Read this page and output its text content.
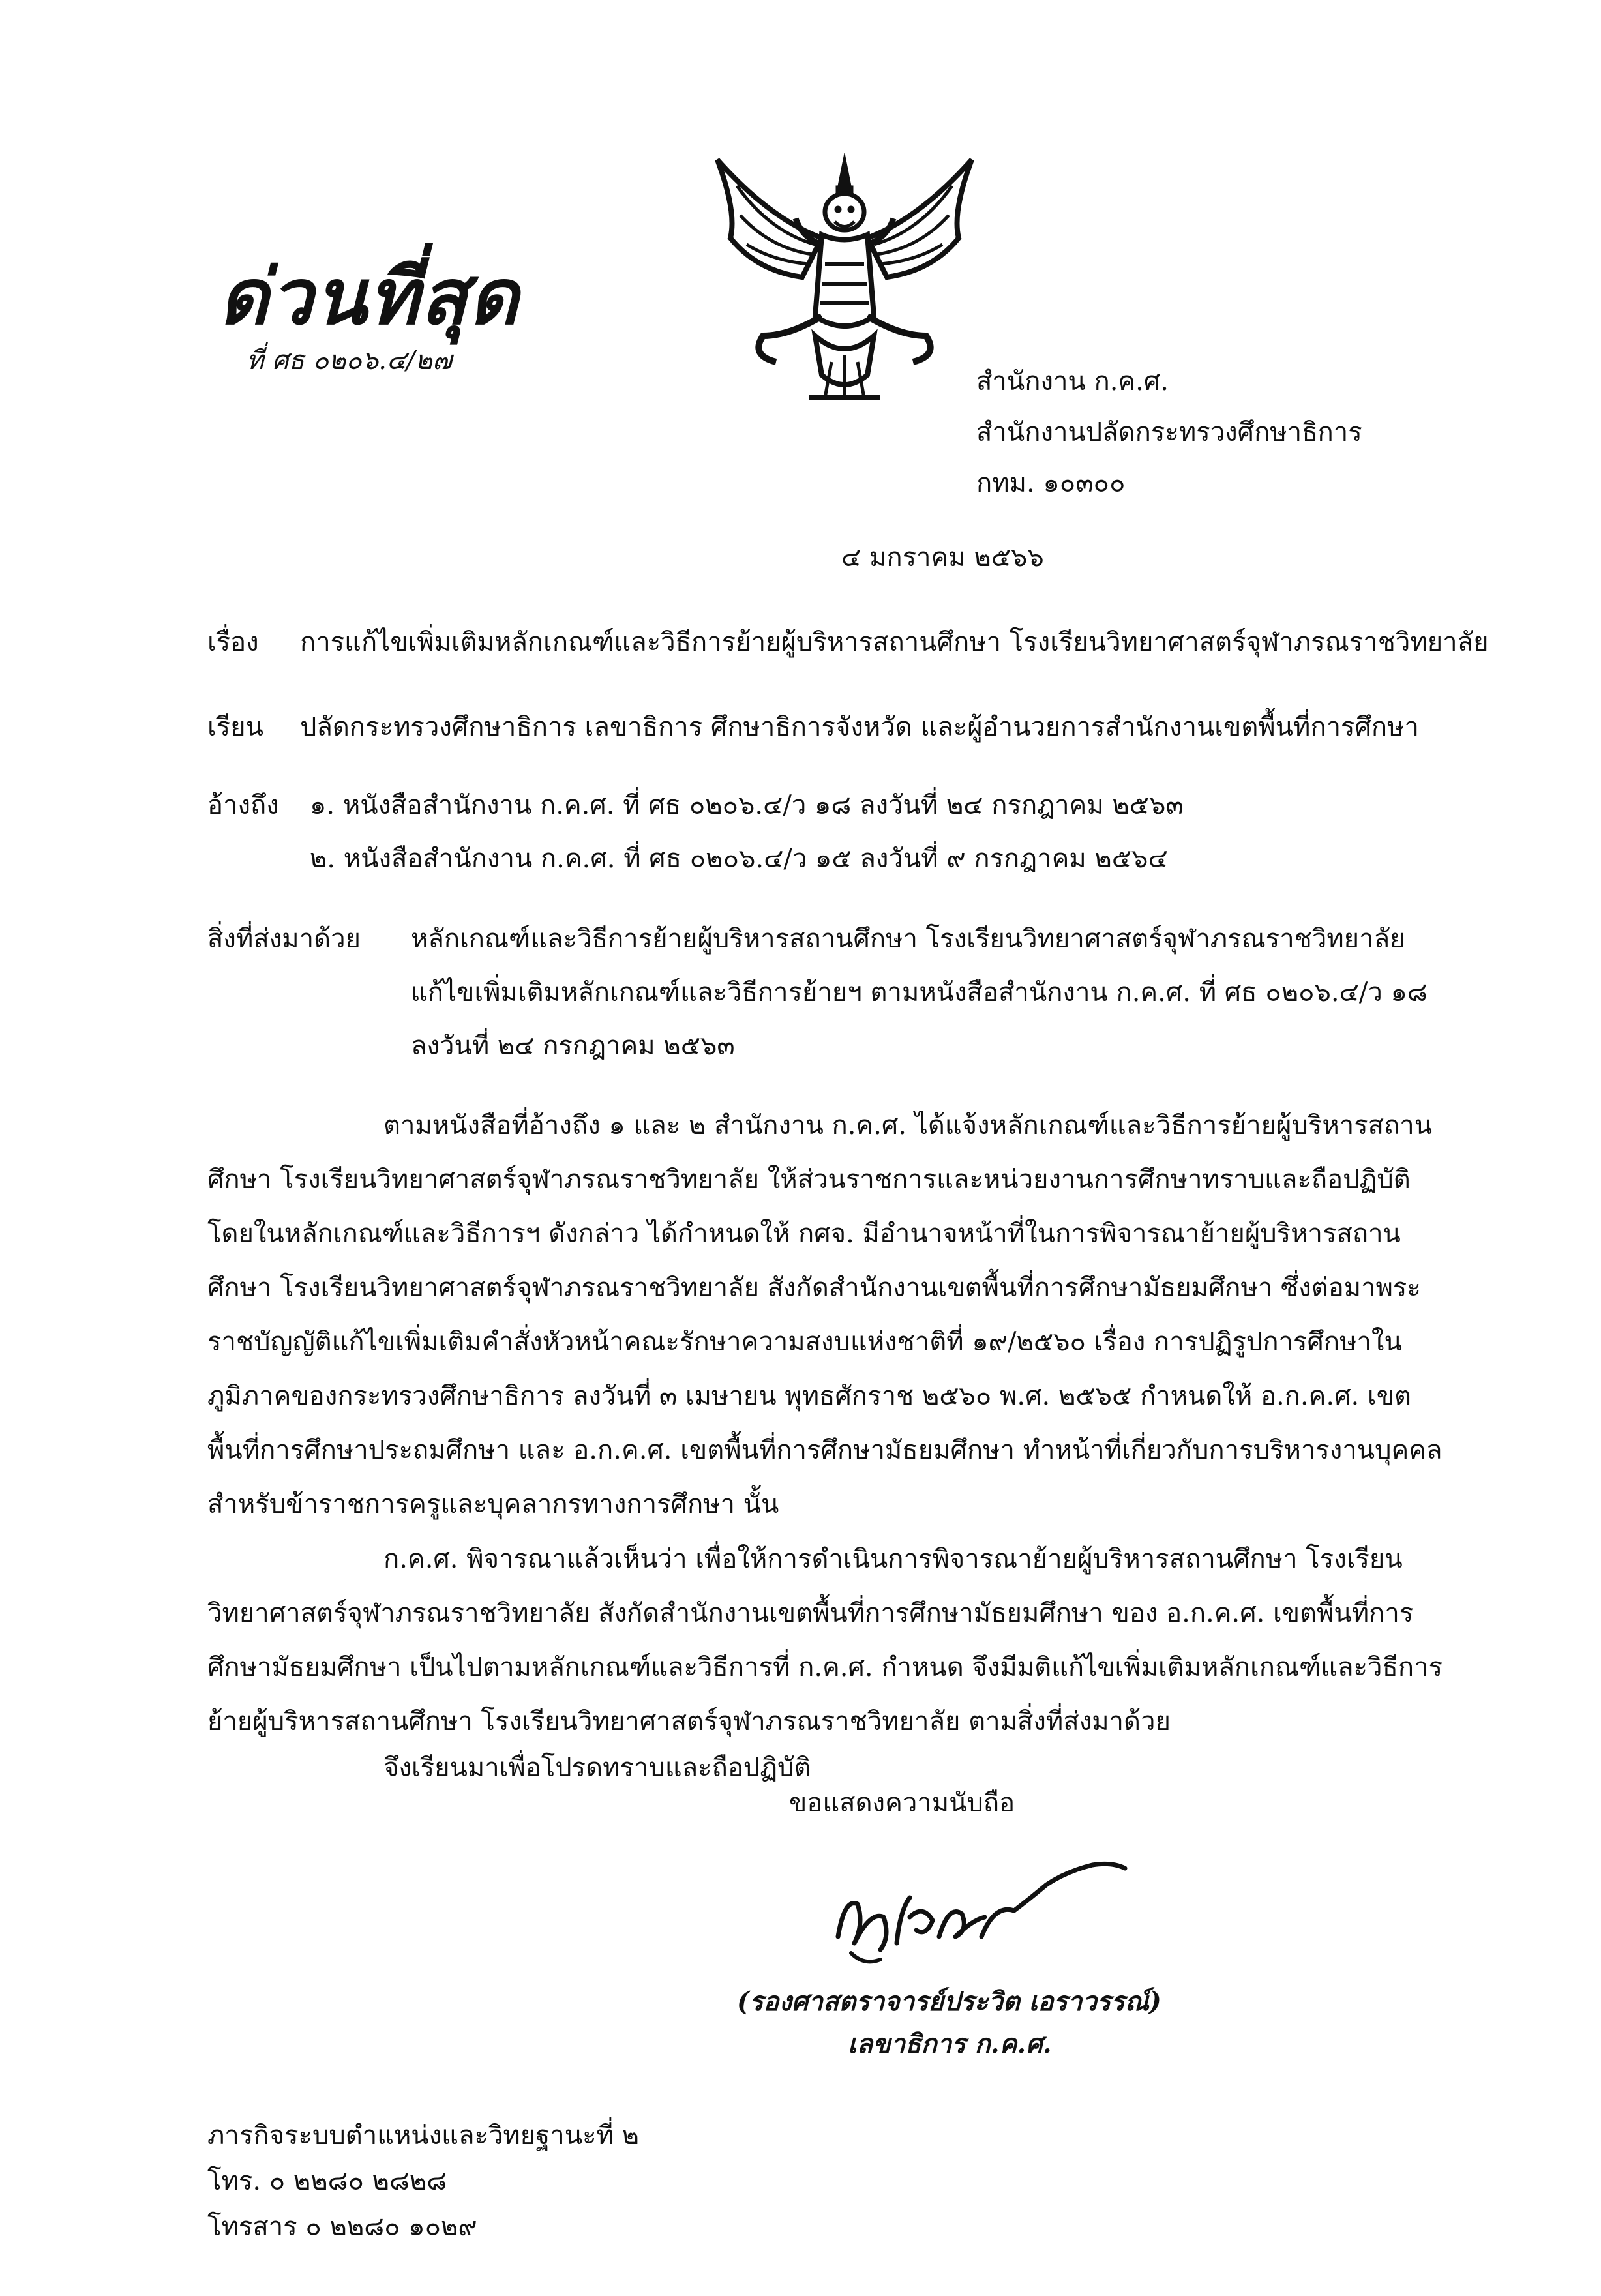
ด่วนที่สุด
ที่ ศธ ๐๒๐๖.๔/๒๗
สำนักงาน ก.ค.ศ.
สำนักงานปลัดกระทรวงศึกษาธิการ
กทม. ๑๐๓๐๐
๔ มกราคม ๒๕๖๖
เรื่อง การแก้ไขเพิ่มเติมหลักเกณฑ์และวิธีการย้ายผู้บริหารสถานศึกษา โรงเรียนวิทยาศาสตร์จุฬาภรณราชวิทยาลัย
เรียน ปลัดกระทรวงศึกษาธิการ เลขาธิการ ศึกษาธิการจังหวัด และผู้อำนวยการสำนักงานเขตพื้นที่การศึกษา
อ้างถึง ๑. หนังสือสำนักงาน ก.ค.ศ. ที่ ศธ ๐๒๐๖.๔/ว ๑๘ ลงวันที่ ๒๔ กรกฎาคม ๒๕๖๓
๒. หนังสือสำนักงาน ก.ค.ศ. ที่ ศธ ๐๒๐๖.๔/ว ๑๕ ลงวันที่ ๙ กรกฎาคม ๒๕๖๔
สิ่งที่ส่งมาด้วย หลักเกณฑ์และวิธีการย้ายผู้บริหารสถานศึกษา โรงเรียนวิทยาศาสตร์จุฬาภรณราชวิทยาลัย
แก้ไขเพิ่มเติมหลักเกณฑ์และวิธีการย้ายฯ ตามหนังสือสำนักงาน ก.ค.ศ. ที่ ศธ ๐๒๐๖.๔/ว ๑๘
ลงวันที่ ๒๔ กรกฎาคม ๒๕๖๓
ตามหนังสือที่อ้างถึง ๑ และ ๒ สำนักงาน ก.ค.ศ. ได้แจ้งหลักเกณฑ์และวิธีการย้ายผู้บริหารสถานศึกษา โรงเรียนวิทยาศาสตร์จุฬาภรณราชวิทยาลัย ให้ส่วนราชการและหน่วยงานการศึกษาทราบและถือปฏิบัติ โดยในหลักเกณฑ์และวิธีการฯ ดังกล่าว ได้กำหนดให้ กศจ. มีอำนาจหน้าที่ในการพิจารณาย้ายผู้บริหารสถานศึกษา โรงเรียนวิทยาศาสตร์จุฬาภรณราชวิทยาลัย สังกัดสำนักงานเขตพื้นที่การศึกษามัธยมศึกษา ซึ่งต่อมาพระราชบัญญัติแก้ไขเพิ่มเติมคำสั่งหัวหน้าคณะรักษาความสงบแห่งชาติที่ ๑๙/๒๕๖๐ เรื่อง การปฏิรูปการศึกษาในภูมิภาคของกระทรวงศึกษาธิการ ลงวันที่ ๓ เมษายน พุทธศักราช ๒๕๖๐ พ.ศ. ๒๕๖๕ กำหนดให้ อ.ก.ค.ศ. เขตพื้นที่การศึกษาประถมศึกษา และ อ.ก.ค.ศ. เขตพื้นที่การศึกษามัธยมศึกษา ทำหน้าที่เกี่ยวกับการบริหารงานบุคคลสำหรับข้าราชการครูและบุคลากรทางการศึกษา นั้น
ก.ค.ศ. พิจารณาแล้วเห็นว่า เพื่อให้การดำเนินการพิจารณาย้ายผู้บริหารสถานศึกษา โรงเรียนวิทยาศาสตร์จุฬาภรณราชวิทยาลัย สังกัดสำนักงานเขตพื้นที่การศึกษามัธยมศึกษา ของ อ.ก.ค.ศ. เขตพื้นที่การศึกษามัธยมศึกษา เป็นไปตามหลักเกณฑ์และวิธีการที่ ก.ค.ศ. กำหนด จึงมีมติแก้ไขเพิ่มเติมหลักเกณฑ์และวิธีการย้ายผู้บริหารสถานศึกษา โรงเรียนวิทยาศาสตร์จุฬาภรณราชวิทยาลัย ตามสิ่งที่ส่งมาด้วย
จึงเรียนมาเพื่อโปรดทราบและถือปฏิบัติ
ขอแสดงความนับถือ
(รองศาสตราจารย์ประวิต เอราวรรณ์)
เลขาธิการ ก.ค.ศ.
ภารกิจระบบตำแหน่งและวิทยฐานะที่ ๒
โทร. ๐ ๒๒๘๐ ๒๘๒๘
โทรสาร ๐ ๒๒๘๐ ๑๐๒๙
